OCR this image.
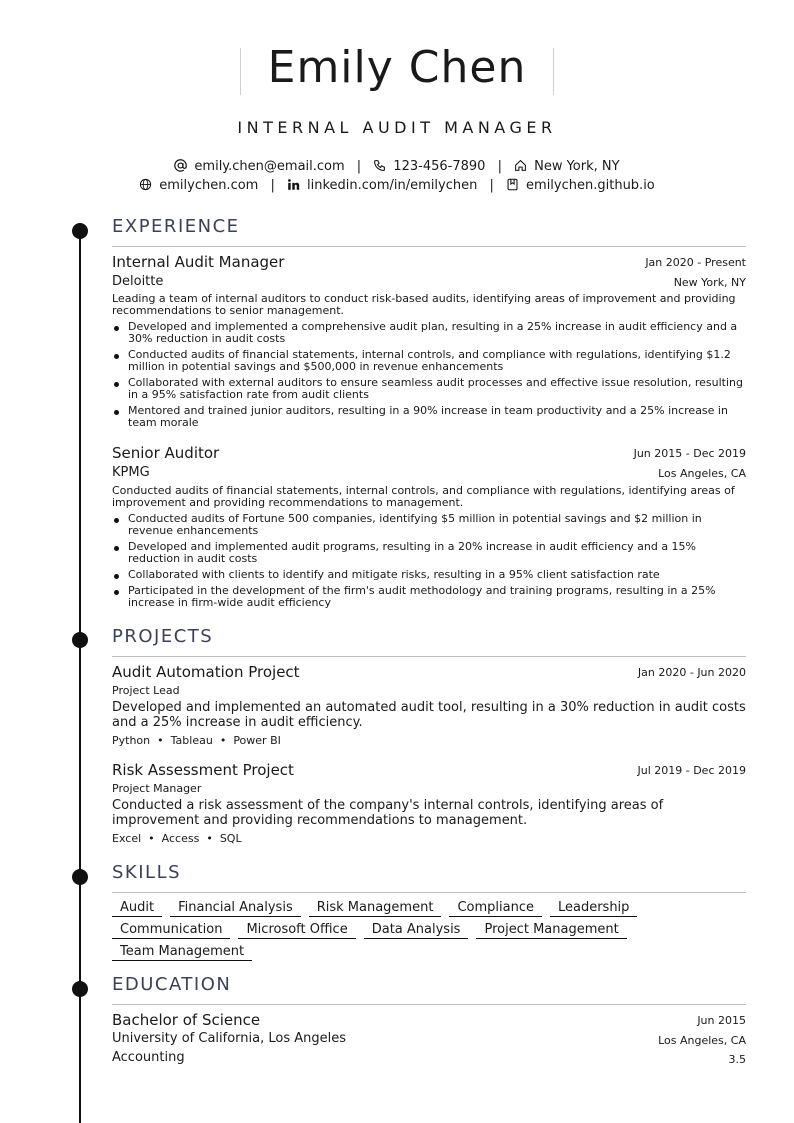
Emily Chen
INTERNAL AUDIT MANAGER
emily.chen@email.com | 123-456-7890 | New York, NY
emilychen.com | linkedin.com/in/emilychen | emilychen.github.io
EXPERIENCE
Internal Audit Manager	Jan 2020 - Present
Deloitte	New York, NY
Leading a team of internal auditors to conduct risk-based audits, identifying areas of improvement and providing recommendations to senior management.
Developed and implemented a comprehensive audit plan, resulting in a 25% increase in audit efficiency and a 30% reduction in audit costs
Conducted audits of financial statements, internal controls, and compliance with regulations, identifying $1.2 million in potential savings and $500,000 in revenue enhancements
Collaborated with external auditors to ensure seamless audit processes and effective issue resolution, resulting in a 95% satisfaction rate from audit clients
Mentored and trained junior auditors, resulting in a 90% increase in team productivity and a 25% increase in team morale
Senior Auditor	Jun 2015 - Dec 2019
KPMG	Los Angeles, CA
Conducted audits of financial statements, internal controls, and compliance with regulations, identifying areas of improvement and providing recommendations to management.
Conducted audits of Fortune 500 companies, identifying $5 million in potential savings and $2 million in revenue enhancements
Developed and implemented audit programs, resulting in a 20% increase in audit efficiency and a 15% reduction in audit costs
Collaborated with clients to identify and mitigate risks, resulting in a 95% client satisfaction rate
Participated in the development of the firm's audit methodology and training programs, resulting in a 25% increase in firm-wide audit efficiency
PROJECTS
Audit Automation Project	Jan 2020 - Jun 2020
Project Lead
Developed and implemented an automated audit tool, resulting in a 30% reduction in audit costs and a 25% increase in audit efficiency.
Python • Tableau • Power BI
Risk Assessment Project	Jul 2019 - Dec 2019
Project Manager
Conducted a risk assessment of the company's internal controls, identifying areas of improvement and providing recommendations to management.
Excel • Access • SQL
SKILLS
Audit Financial Analysis Risk Management Compliance LeadershipCommunication Microsoft Office Data Analysis Project ManagementTeam Management
EDUCATION
Bachelor of Science	Jun 2015
University of California, Los Angeles	Los Angeles, CA
Accounting	3.5
